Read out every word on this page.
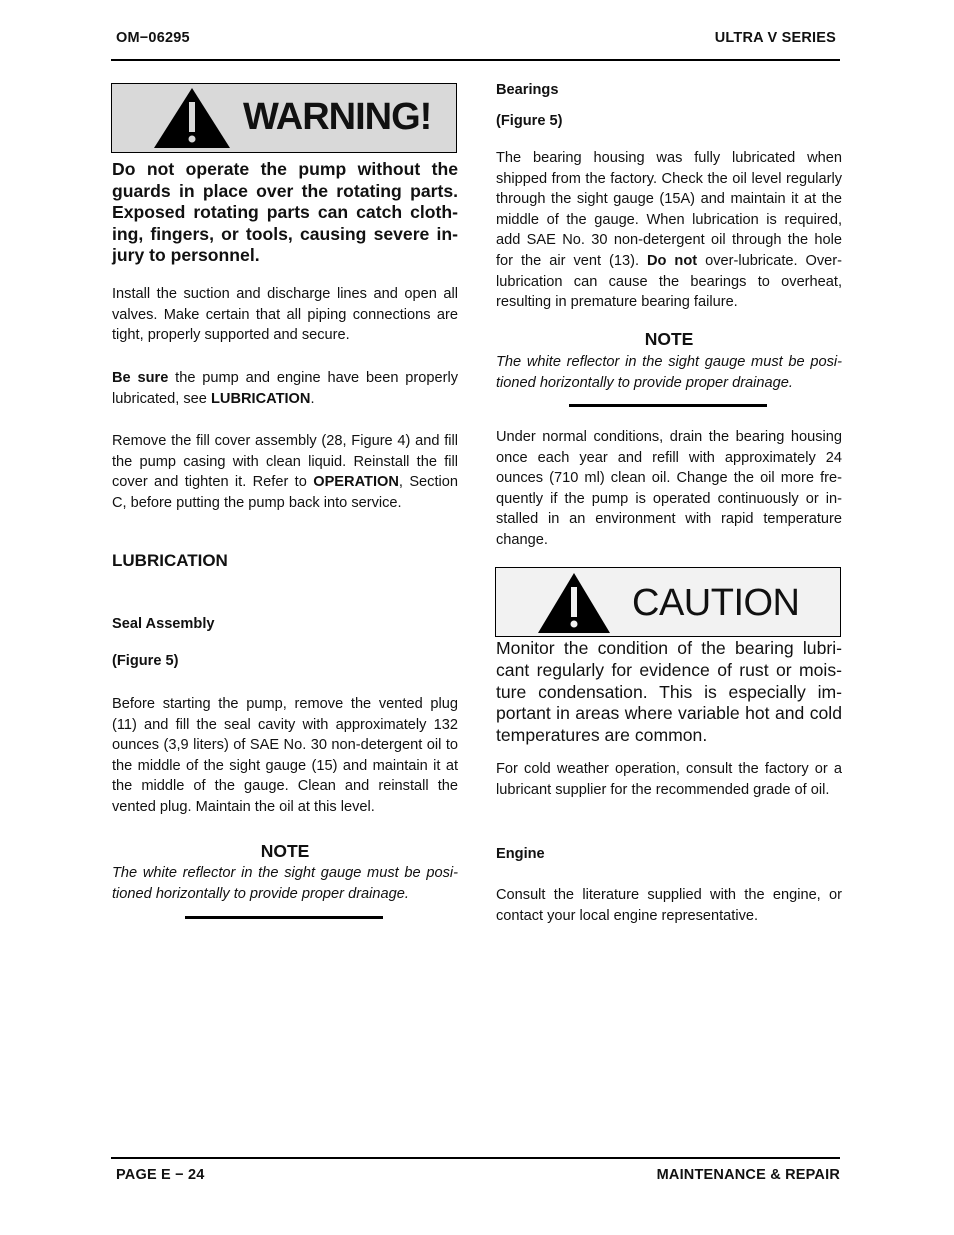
OM−06295	ULTRA V SERIES
WARNING!

Do not operate the pump without the guards in place over the rotating parts. Exposed rotating parts can catch clothing, fingers, or tools, causing severe injury to personnel.

Install the suction and discharge lines and open all valves. Make certain that all piping connections are tight, properly supported and secure.

Be sure the pump and engine have been properly lubricated, see LUBRICATION.

Remove the fill cover assembly (28, Figure 4) and fill the pump casing with clean liquid. Reinstall the fill cover and tighten it. Refer to OPERATION, Section C, before putting the pump back into service.

LUBRICATION
Seal Assembly
(Figure 5)

Before starting the pump, remove the vented plug (11) and fill the seal cavity with approximately 132 ounces (3,9 liters) of SAE No. 30 non-detergent oil to the middle of the sight gauge (15) and maintain it at the middle of the gauge. Clean and reinstall the vented plug. Maintain the oil at this level.

NOTE

The white reflector in the sight gauge must be positioned horizontally to provide proper drainage.

Bearings
(Figure 5)

The bearing housing was fully lubricated when shipped from the factory. Check the oil level regularly through the sight gauge (15A) and maintain it at the middle of the gauge. When lubrication is required, add SAE No. 30 non-detergent oil through the hole for the air vent (13). Do not over-lubricate. Over-lubrication can cause the bearings to overheat, resulting in premature bearing failure.

NOTE

The white reflector in the sight gauge must be positioned horizontally to provide proper drainage.

Under normal conditions, drain the bearing housing once each year and refill with approximately 24 ounces (710 ml) clean oil. Change the oil more frequently if the pump is operated continuously or installed in an environment with rapid temperature change.

CAUTION

Monitor the condition of the bearing lubricant regularly for evidence of rust or moisture condensation. This is especially important in areas where variable hot and cold temperatures are common.

For cold weather operation, consult the factory or a lubricant supplier for the recommended grade of oil.

Engine

Consult the literature supplied with the engine, or contact your local engine representative.

PAGE E − 24	MAINTENANCE & REPAIR
